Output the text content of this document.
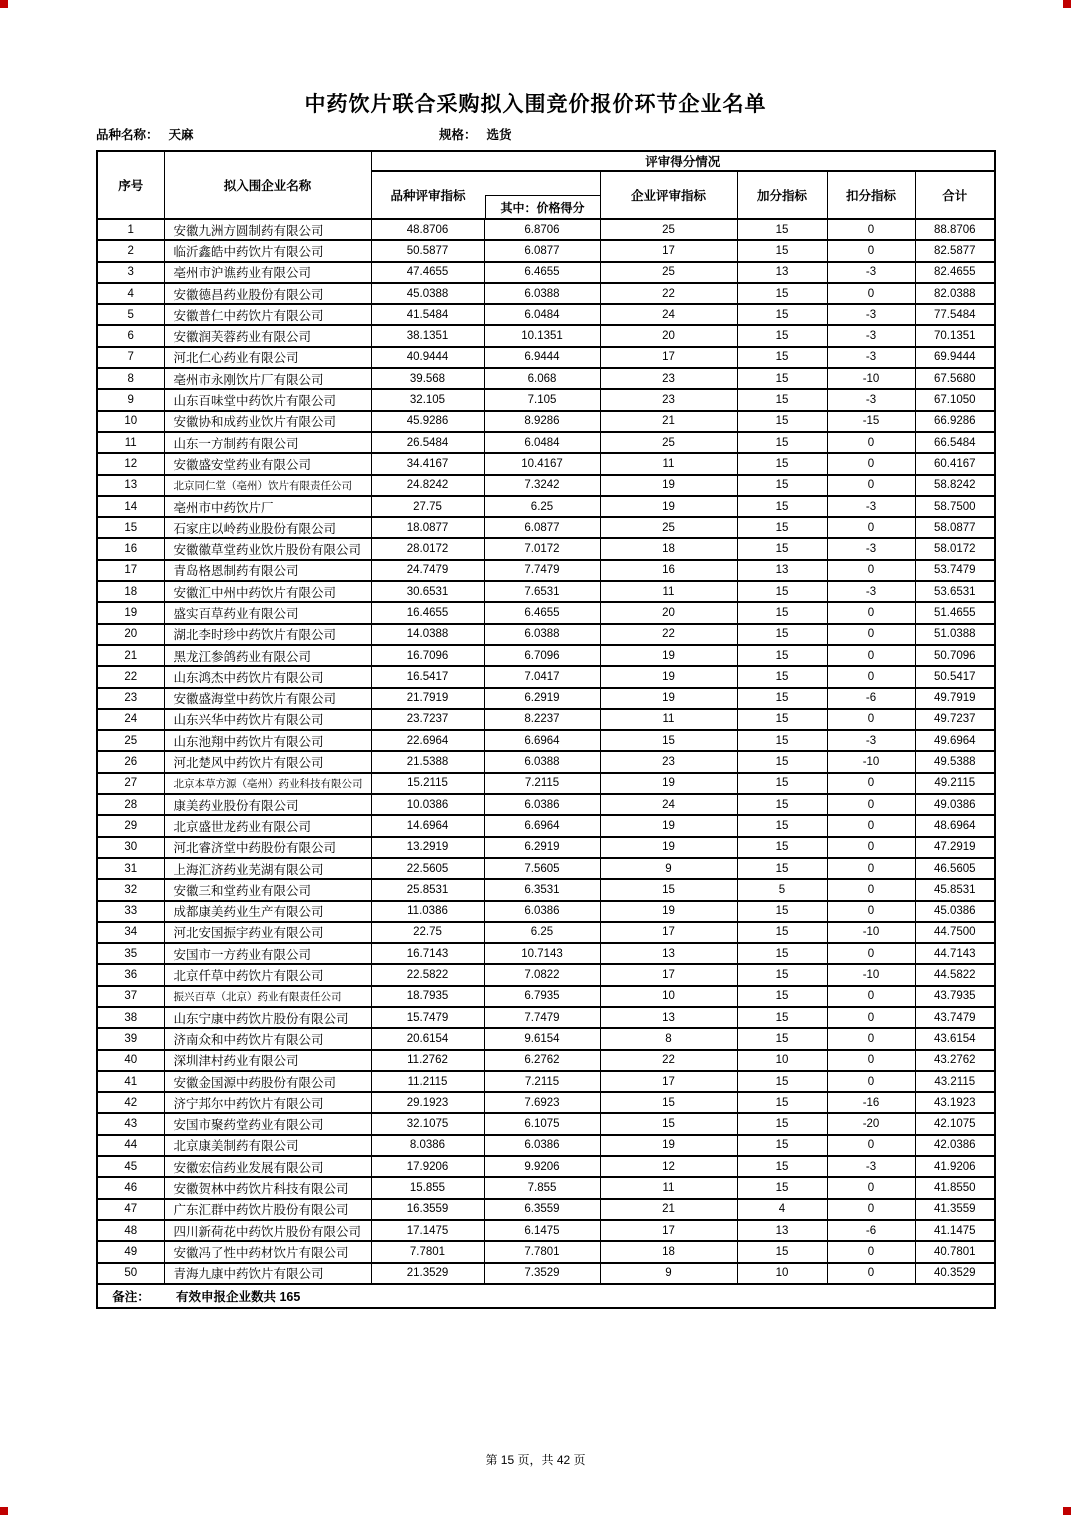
中药饮片联合采购拟入围竞价报价环节企业名单
品种名称： 天麻	规格： 选货
序号	拟入围企业名称	评审得分情况					

品种评审指标
其中：价格得分		企业评审指标	加分指标	扣分指标	合计
1	安徽九洲方圆制药有限公司	48.8706	6.8706	25	15	0	88.8706
2	临沂鑫皓中药饮片有限公司	50.5877	6.0877	17	15	0	82.5877
3	亳州市沪谯药业有限公司	47.4655	6.4655	25	13	-3	82.4655
4	安徽德昌药业股份有限公司	45.0388	6.0388	22	15	0	82.0388
5	安徽普仁中药饮片有限公司	41.5484	6.0484	24	15	-3	77.5484
6	安徽润芙蓉药业有限公司	38.1351	10.1351	20	15	-3	70.1351
7	河北仁心药业有限公司	40.9444	6.9444	17	15	-3	69.9444
8	亳州市永刚饮片厂有限公司	39.568	6.068	23	15	-10	67.5680
9	山东百味堂中药饮片有限公司	32.105	7.105	23	15	-3	67.1050
10	安徽协和成药业饮片有限公司	45.9286	8.9286	21	15	-15	66.9286
11	山东一方制药有限公司	26.5484	6.0484	25	15	0	66.5484
12	安徽盛安堂药业有限公司	34.4167	10.4167	11	15	0	60.4167
13	北京同仁堂（亳州）饮片有限责任公司	24.8242	7.3242	19	15	0	58.8242
14	亳州市中药饮片厂	27.75	6.25	19	15	-3	58.7500
15	石家庄以岭药业股份有限公司	18.0877	6.0877	25	15	0	58.0877
16	安徽徽草堂药业饮片股份有限公司	28.0172	7.0172	18	15	-3	58.0172
17	青岛格恩制药有限公司	24.7479	7.7479	16	13	0	53.7479
18	安徽汇中州中药饮片有限公司	30.6531	7.6531	11	15	-3	53.6531
19	盛实百草药业有限公司	16.4655	6.4655	20	15	0	51.4655
20	湖北李时珍中药饮片有限公司	14.0388	6.0388	22	15	0	51.0388
21	黑龙江参鸽药业有限公司	16.7096	6.7096	19	15	0	50.7096
22	山东鸿杰中药饮片有限公司	16.5417	7.0417	19	15	0	50.5417
23	安徽盛海堂中药饮片有限公司	21.7919	6.2919	19	15	-6	49.7919
24	山东兴华中药饮片有限公司	23.7237	8.2237	11	15	0	49.7237
25	山东池翔中药饮片有限公司	22.6964	6.6964	15	15	-3	49.6964
26	河北楚风中药饮片有限公司	21.5388	6.0388	23	15	-10	49.5388
27	北京本草方源（亳州）药业科技有限公司	15.2115	7.2115	19	15	0	49.2115
28	康美药业股份有限公司	10.0386	6.0386	24	15	0	49.0386
29	北京盛世龙药业有限公司	14.6964	6.6964	19	15	0	48.6964
30	河北睿济堂中药股份有限公司	13.2919	6.2919	19	15	0	47.2919
31	上海汇济药业芜湖有限公司	22.5605	7.5605	9	15	0	46.5605
32	安徽三和堂药业有限公司	25.8531	6.3531	15	5	0	45.8531
33	成都康美药业生产有限公司	11.0386	6.0386	19	15	0	45.0386
34	河北安国振宇药业有限公司	22.75	6.25	17	15	-10	44.7500
35	安国市一方药业有限公司	16.7143	10.7143	13	15	0	44.7143
36	北京仟草中药饮片有限公司	22.5822	7.0822	17	15	-10	44.5822
37	振兴百草（北京）药业有限责任公司	18.7935	6.7935	10	15	0	43.7935
38	山东宁康中药饮片股份有限公司	15.7479	7.7479	13	15	0	43.7479
39	济南众和中药饮片有限公司	20.6154	9.6154	8	15	0	43.6154
40	深圳津村药业有限公司	11.2762	6.2762	22	10	0	43.2762
41	安徽金国源中药股份有限公司	11.2115	7.2115	17	15	0	43.2115
42	济宁邦尔中药饮片有限公司	29.1923	7.6923	15	15	-16	43.1923
43	安国市聚药堂药业有限公司	32.1075	6.1075	15	15	-20	42.1075
44	北京康美制药有限公司	8.0386	6.0386	19	15	0	42.0386
45	安徽宏信药业发展有限公司	17.9206	9.9206	12	15	-3	41.9206
46	安徽贺林中药饮片科技有限公司	15.855	7.855	11	15	0	41.8550
47	广东汇群中药饮片股份有限公司	16.3559	6.3559	21	4	0	41.3559
48	四川新荷花中药饮片股份有限公司	17.1475	6.1475	17	13	-6	41.1475
49	安徽冯了性中药材饮片有限公司	7.7801	7.7801	18	15	0	40.7801
50	青海九康中药饮片有限公司	21.3529	7.3529	9	10	0	40.3529
备注：	有效申报企业数共 165						
第 15 页，共 42 页
